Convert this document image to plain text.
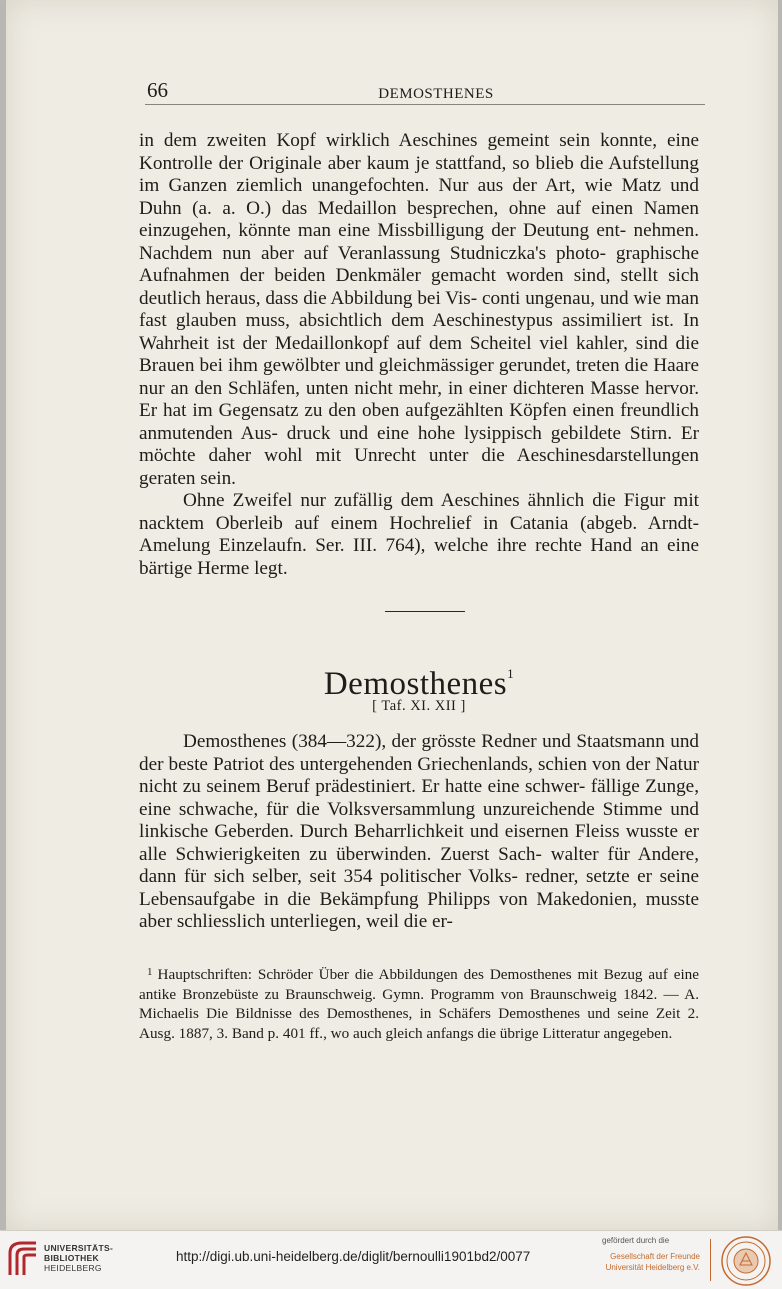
66	DEMOSTHENES

in dem zweiten Kopf wirklich Aeschines gemeint sein konnte, eine Kontrolle der Originale aber kaum je stattfand, so blieb die Aufstellung im Ganzen ziemlich unangefochten. Nur aus der Art, wie Matz und Duhn (a. a. O.) das Medaillon besprechen, ohne auf einen Namen einzugehen, könnte man eine Missbilligung der Deutung ent- nehmen. Nachdem nun aber auf Veranlassung Studniczka's photo- graphische Aufnahmen der beiden Denkmäler gemacht worden sind, stellt sich deutlich heraus, dass die Abbildung bei Vis- conti ungenau, und wie man fast glauben muss, absichtlich dem Aeschinestypus assimiliert ist. In Wahrheit ist der Medaillonkopf auf dem Scheitel viel kahler, sind die Brauen bei ihm gewölbter und gleichmässiger gerundet, treten die Haare nur an den Schläfen, unten nicht mehr, in einer dichteren Masse hervor. Er hat im Gegensatz zu den oben aufgezählten Köpfen einen freundlich anmutenden Aus- druck und eine hohe lysippisch gebildete Stirn. Er möchte daher wohl mit Unrecht unter die Aeschinesdarstellungen geraten sein.

Ohne Zweifel nur zufällig dem Aeschines ähnlich die Figur mit nacktem Oberleib auf einem Hochrelief in Catania (abgeb. Arndt- Amelung Einzelaufn. Ser. III. 764), welche ihre rechte Hand an eine bärtige Herme legt.

Demosthenes$^1$
[ Taf. XI. XII ]

Demosthenes (384—322), der grösste Redner und Staatsmann und der beste Patriot des untergehenden Griechenlands, schien von der Natur nicht zu seinem Beruf prädestiniert. Er hatte eine schwer- fällige Zunge, eine schwache, für die Volksversammlung unzureichende Stimme und linkische Geberden. Durch Beharrlichkeit und eisernen Fleiss wusste er alle Schwierigkeiten zu überwinden. Zuerst Sach- walter für Andere, dann für sich selber, seit 354 politischer Volks- redner, setzte er seine Lebensaufgabe in die Bekämpfung Philipps von Makedonien, musste aber schliesslich unterliegen, weil die er-

$^1$ Hauptschriften: Schröder Über die Abbildungen des Demosthenes mit Bezug auf eine antike Bronzebüste zu Braunschweig. Gymn. Programm von Braunschweig 1842. — A. Michaelis Die Bildnisse des Demosthenes, in Schäfers Demosthenes und seine Zeit 2. Ausg. 1887, 3. Band p. 401 ff., wo auch gleich anfangs die übrige Litteratur angegeben.

UNIVERSITÄTS-
BIBLIOTHEK
HEIDELBERG
http://digi.ub.uni-heidelberg.de/diglit/bernoulli1901bd2/0077
gefördert durch die
Gesellschaft der Freunde
Universität Heidelberg e.V.
